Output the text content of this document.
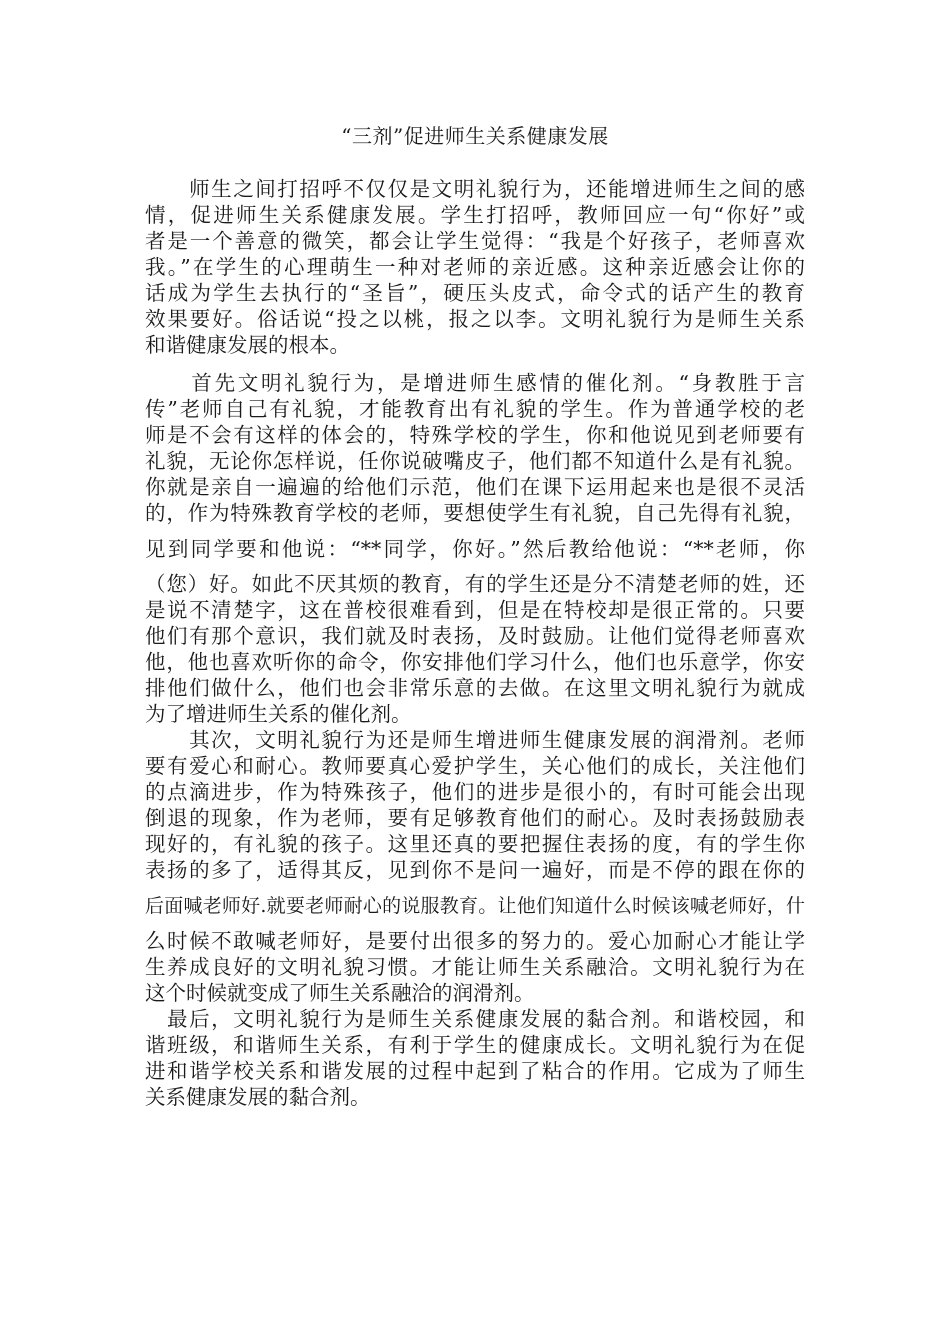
“三剂”促进师生关系健康发展
　　师生之间打招呼不仅仅是文明礼貌行为，还能增进师生之间的感
情，促进师生关系健康发展。学生打招呼，教师回应一句“你好”或
者是一个善意的微笑，都会让学生觉得：“我是个好孩子，老师喜欢
我。”在学生的心理萌生一种对老师的亲近感。这种亲近感会让你的
话成为学生去执行的“圣旨”，硬压头皮式，命令式的话产生的教育
效果要好。俗话说“投之以桃，报之以李。文明礼貌行为是师生关系
和谐健康发展的根本。
　　首先文明礼貌行为，是增进师生感情的催化剂。“身教胜于言
传”老师自己有礼貌，才能教育出有礼貌的学生。作为普通学校的老
师是不会有这样的体会的，特殊学校的学生，你和他说见到老师要有
礼貌，无论你怎样说，任你说破嘴皮子，他们都不知道什么是有礼貌。
你就是亲自一遍遍的给他们示范，他们在课下运用起来也是很不灵活
的，作为特殊教育学校的老师，要想使学生有礼貌，自己先得有礼貌，
见到同学要和他说：“**同学，你好。”然后教给他说：“**老师，你
（您）好。如此不厌其烦的教育，有的学生还是分不清楚老师的姓，还
是说不清楚字，这在普校很难看到，但是在特校却是很正常的。只要
他们有那个意识，我们就及时表扬，及时鼓励。让他们觉得老师喜欢
他，他也喜欢听你的命令，你安排他们学习什么，他们也乐意学，你安
排他们做什么，他们也会非常乐意的去做。在这里文明礼貌行为就成
为了增进师生关系的催化剂。
　　其次，文明礼貌行为还是师生增进师生健康发展的润滑剂。老师
要有爱心和耐心。教师要真心爱护学生，关心他们的成长，关注他们
的点滴进步，作为特殊孩子，他们的进步是很小的，有时可能会出现
倒退的现象，作为老师，要有足够教育他们的耐心。及时表扬鼓励表
现好的，有礼貌的孩子。这里还真的要把握住表扬的度，有的学生你
表扬的多了，适得其反，见到你不是问一遍好，而是不停的跟在你的
后面喊老师好.就要老师耐心的说服教育。让他们知道什么时候该喊老师好，什
么时候不敢喊老师好，是要付出很多的努力的。爱心加耐心才能让学
生养成良好的文明礼貌习惯。才能让师生关系融洽。文明礼貌行为在
这个时候就变成了师生关系融洽的润滑剂。
　最后，文明礼貌行为是师生关系健康发展的黏合剂。和谐校园，和
谐班级，和谐师生关系，有利于学生的健康成长。文明礼貌行为在促
进和谐学校关系和谐发展的过程中起到了粘合的作用。它成为了师生
关系健康发展的黏合剂。
